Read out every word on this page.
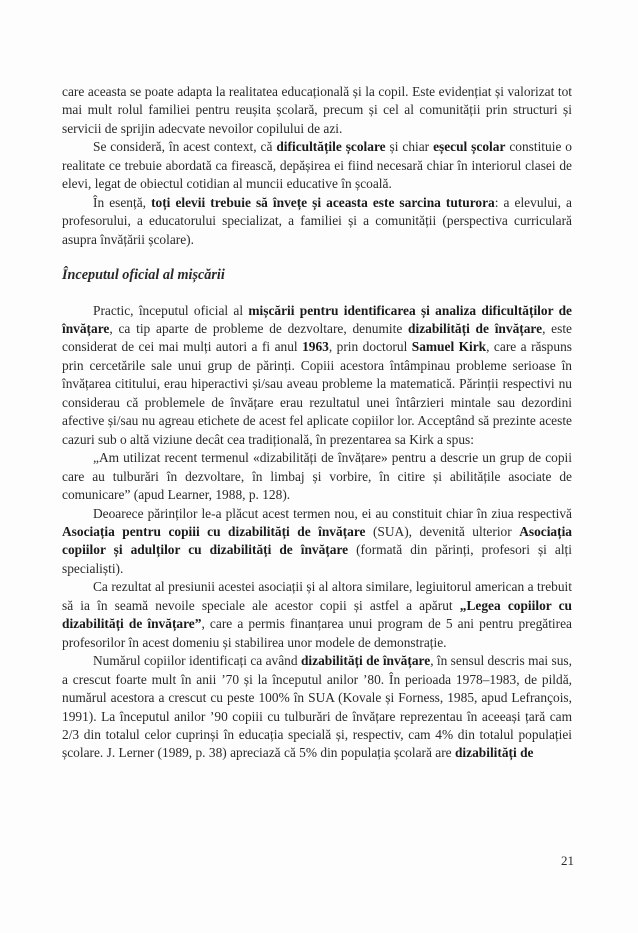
care aceasta se poate adapta la realitatea educațională și la copil. Este evidențiat și valorizat tot mai mult rolul familiei pentru reușita școlară, precum și cel al comunității prin structuri și servicii de sprijin adecvate nevoilor copilului de azi.

Se consideră, în acest context, că dificultățile școlare și chiar eșecul școlar constituie o realitate ce trebuie abordată ca firească, depășirea ei fiind necesară chiar în interiorul clasei de elevi, legat de obiectul cotidian al muncii educative în școală.

În esență, toți elevii trebuie să învețe și aceasta este sarcina tuturora: a elevului, a profesorului, a educatorului specializat, a familiei și a comunității (perspectiva curriculară asupra învățării școlare).

Începutul oficial al mișcării

Practic, începutul oficial al mișcării pentru identificarea și analiza dificultăților de învățare, ca tip aparte de probleme de dezvoltare, denumite dizabilități de învățare, este considerat de cei mai mulți autori a fi anul 1963, prin doctorul Samuel Kirk, care a răspuns prin cercetările sale unui grup de părinți. Copiii acestora întâmpinau probleme serioase în învățarea cititului, erau hiperactivi și/sau aveau probleme la matematică. Părinții respectivi nu considerau că problemele de învățare erau rezultatul unei întârzieri mintale sau dezordini afective și/sau nu agreau etichete de acest fel aplicate copiilor lor. Acceptând să prezinte aceste cazuri sub o altă viziune decât cea tradițională, în prezentarea sa Kirk a spus:

„Am utilizat recent termenul «dizabilități de învățare» pentru a descrie un grup de copii care au tulburări în dezvoltare, în limbaj și vorbire, în citire și abilitățile asociate de comunicare” (apud Learner, 1988, p. 128).

Deoarece părinților le-a plăcut acest termen nou, ei au constituit chiar în ziua respectivă Asociația pentru copiii cu dizabilități de învățare (SUA), devenită ulterior Asociația copiilor și adulților cu dizabilități de învățare (formată din părinți, profesori și alți specialiști).

Ca rezultat al presiunii acestei asociații și al altora similare, legiuitorul american a trebuit să ia în seamă nevoile speciale ale acestor copii și astfel a apărut „Legea copiilor cu dizabilități de învățare”, care a permis finanțarea unui program de 5 ani pentru pregătirea profesorilor în acest domeniu și stabilirea unor modele de demonstrație.

Numărul copiilor identificați ca având dizabilități de învățare, în sensul descris mai sus, a crescut foarte mult în anii ’70 și la începutul anilor ’80. În perioada 1978–1983, de pildă, numărul acestora a crescut cu peste 100% în SUA (Kovale și Forness, 1985, apud Lefrançois, 1991). La începutul anilor ’90 copiii cu tulburări de învățare reprezentau în aceeași țară cam 2/3 din totalul celor cuprinși în educația specială și, respectiv, cam 4% din totalul populației școlare. J. Lerner (1989, p. 38) apreciază că 5% din populația școlară are dizabilități de

21
